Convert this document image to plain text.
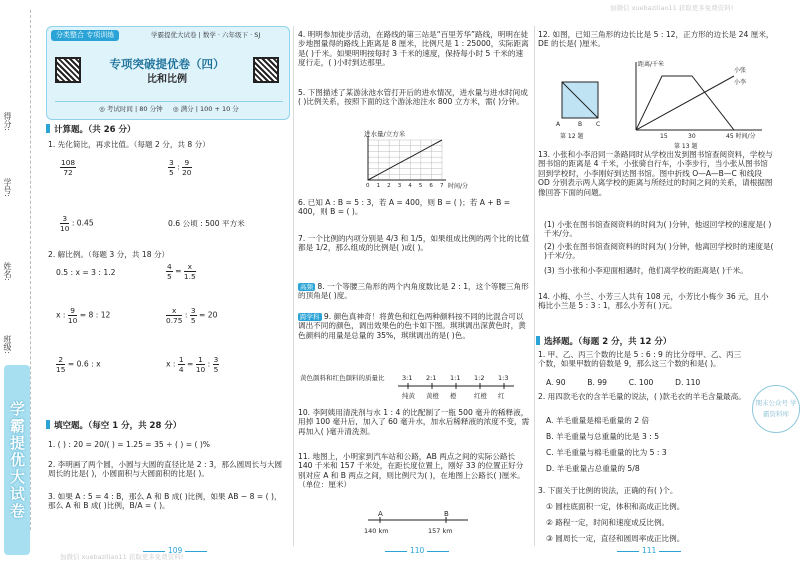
加微信 xuebaziliao11 获取更多免费资料!
加微信 xuebaziliao11 获取更多免费资料!
得分:
学号:
姓名:
班级:
学霸提优大试卷
分类整合 专项训练	学霸提优大试卷 | 数学 · 六年级下 · SJ
专项突破提优卷（四）
比和比例
◎ 考试时间 | 80 分钟 ◎ 满分 | 100 + 10 分
计算题。（共 26 分）
1. 先化简比，再求比值。（每题 2 分，共 8 分）
$\frac{108}{72}$	$\frac{3}{5}$ : $\frac{9}{20}$
$\frac{3}{10}$ : 0.45	0.6 公顷 : 500 平方米
2. 解比例。（每题 3 分，共 18 分）
0.5 : x = 3 : 1.2	$\frac{4}{5} = \frac{x}{1.5}$
x : $\frac{9}{10} = 8$ : 12	$\frac{x}{0.75}$ : $\frac{3}{5} = 20$
$\frac{2}{15} = 0.6$ : x	x : $\frac{1}{4} = \frac{1}{10}$ : $\frac{3}{5}$
填空题。（每空 1 分，共 28 分）
1. ( ) : 20 = 20/( ) = 1.25 = 35 ÷ ( ) = ( )%
2. 李明画了两个圆，小圆与大圆的直径比是 2 : 3，那么圆周长与大圆周长的比是( )，小圆面积与大圆面积的比是( )。
3. 如果 A : 5 = 4 : B，那么 A 和 B 成( )比例，如果 AB − 8 = ( )，那么 A 和 B 成( )比例，B/A = ( )。
109
4. 明明参加徒步活动，在路线的第三站是“百里芳华”路线，明明在徒步地图量得的路线上距离是 8 厘米，比例尺是 1 : 25000，实际距离是( )千米。如果明明按每时 3 千米的速度，保持每小时 5 千米的速度行走，( )小时到达那里。
5. 下图描述了某游泳池水管打开后的进水情况，进水量与进水时间成( )比例关系，按照下面的这个游泳池注水 800 立方米，需( )分钟。
进水量/立方米
时间/分
0 1 2 3 4 5 6 7
6. 已知 A : B = 5 : 3，若 A = 400，则 B = ( )；若 A + B = 400，则 B = ( )。
7. 一个比例的内项分别是 4/3 和 1/5，如果组成比例的两个比的比值都是 1/2，那么组成的比例是( )或( )。
高频 8. 一个等腰三角形的两个内角度数比是 2 : 1，这个等腰三角形的顶角是( )度。
跨学科 9. 颜色真神奇！将黄色和红色两种颜料按不同的比混合可以调出不同的颜色，调出效果色的色卡如下图。琪琪调出深黄色时，黄色颜料的用量是总量的 35%，琪琪调出的是( )色。
黄色颜料和红色颜料的质量比	3:1
纯黄
2:1
黄橙
1:1
橙
1:2
红橙
1:3
红
10. 李阿姨用清洗剂与水 1 : 4 的比配制了一瓶 500 毫升的稀释液，用掉 100 毫升后，加入了 60 毫升水，加水后稀释液的浓度不变，需再加入( )毫升清洗剂。
11. 地图上，小明家到汽车站和公路，AB 两点之间的实际公路长 140 千米和 157 千米处，在距长度位置上，刚好 33 的位置正好分别对应 A 和 B 两点之间，则比例尺为( )，在地图上公路长( )厘米。（单位：厘米）
A	B
140 km	157 km
110
12. 如图，已知三角形的边长比是 5 : 12，正方形的边长是 24 厘米，DE 的长是( )厘米。
A	B C
第 12 题
距离/千米
小张
小李
15	30	45 时间/分
第 13 题
13. 小张和小李沿同一条路同时从学校出发到图书馆查阅资料，学校与图书馆的距离是 4 千米，小张骑自行车，小李步行，当小张从图书馆回到学校时，小李刚好到达图书馆。图中折线 O—A—B—C 和线段 OD 分别表示两人离学校的距离与所经过的时间之间的关系，请根据图像回答下面的问题。
(1) 小张在图书馆查阅资料的时间为( )分钟，他返回学校的速度是( )千米/分。
(2) 小张在图书馆查阅资料的时间为( )分钟，他离回学校时的速度是( )千米/分。
(3) 当小张和小李迎面相遇时，他们离学校的距离是( )千米。
14. 小梅、小兰、小芳三人共有 108 元，小芳比小梅少 36 元，且小梅比小兰是 5 : 3 : 1，那么小芳有( )元。
选择题。（每题 2 分，共 12 分）
1. 甲、乙、丙三个数的比是 5 : 6 : 9 的比分母甲、乙、丙三个数，如果甲数的倍数是 9，那么这三个数的和是( )。
A. 90	B. 99	C. 100	D. 110
2. 用四款毛衣的含羊毛量的说法，( )款毛衣的羊毛含量最高。
A. 羊毛重量是棉毛重量的 2 倍
B. 羊毛重量与总重量的比是 3 : 5
C. 羊毛重量与棉毛重量的比为 5 : 3
D. 羊毛重量占总重量的 5/8
3. 下面关于比例的说法，正确的有( )个。
① 圆柱底面积一定，体积和高成正比例。
② 路程一定，时间和速度成反比例。
③ 圆周长一定，直径和圆周率成正比例。
期末公众号 学霸资料库
111
